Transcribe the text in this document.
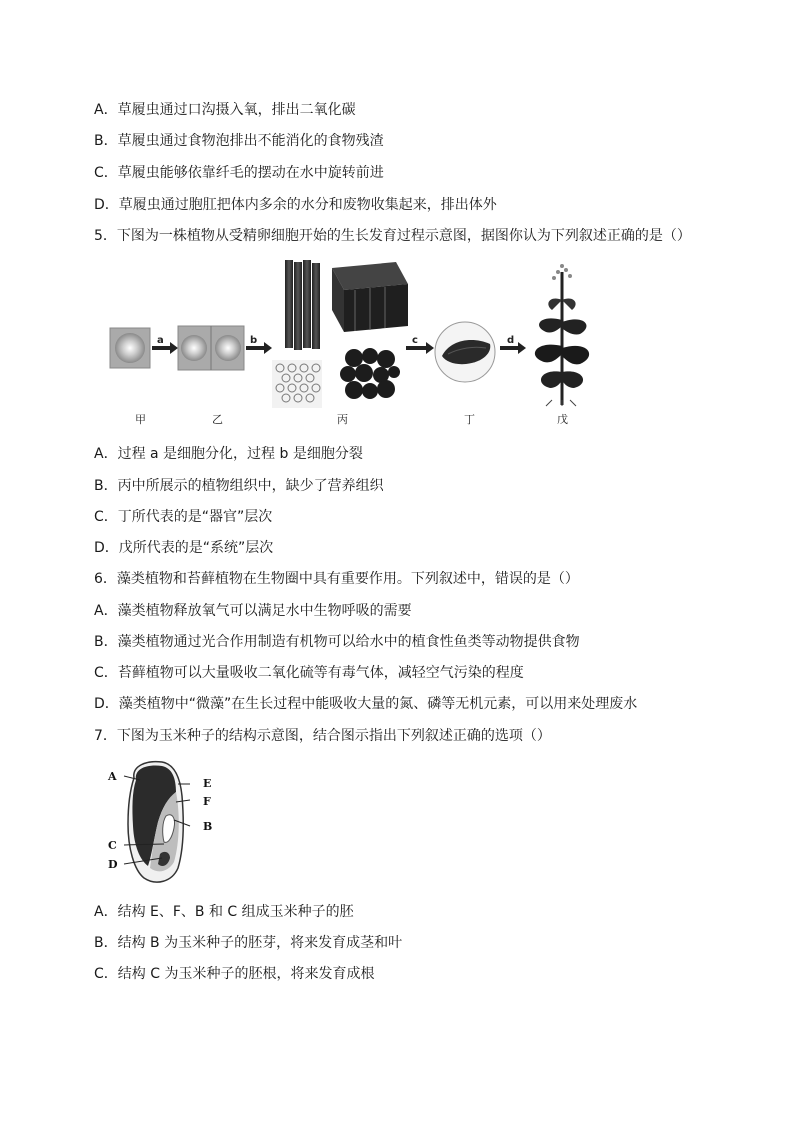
A．草履虫通过口沟摄入氧，排出二氧化碳
B．草履虫通过食物泡排出不能消化的食物残渣
C．草履虫能够依靠纤毛的摆动在水中旋转前进
D．草履虫通过胞肛把体内多余的水分和废物收集起来，排出体外
5．下图为一株植物从受精卵细胞开始的生长发育过程示意图，据图你认为下列叙述正确的是（）
甲	乙	丙	丁	戊
a	b	c	d
A．过程 a 是细胞分化，过程 b 是细胞分裂
B．丙中所展示的植物组织中，缺少了营养组织
C．丁所代表的是“器官”层次
D．戊所代表的是“系统”层次
6．藻类植物和苔藓植物在生物圈中具有重要作用。下列叙述中，错误的是（）
A．藻类植物释放氧气可以满足水中生物呼吸的需要
B．藻类植物通过光合作用制造有机物可以给水中的植食性鱼类等动物提供食物
C．苔藓植物可以大量吸收二氧化硫等有毒气体，减轻空气污染的程度
D．藻类植物中“微藻”在生长过程中能吸收大量的氮、磷等无机元素，可以用来处理废水
7．下图为玉米种子的结构示意图，结合图示指出下列叙述正确的选项（）
A
E
F
B
C
D
A．结构 E、F、B 和 C 组成玉米种子的胚
B．结构 B 为玉米种子的胚芽，将来发育成茎和叶
C．结构 C 为玉米种子的胚根，将来发育成根
